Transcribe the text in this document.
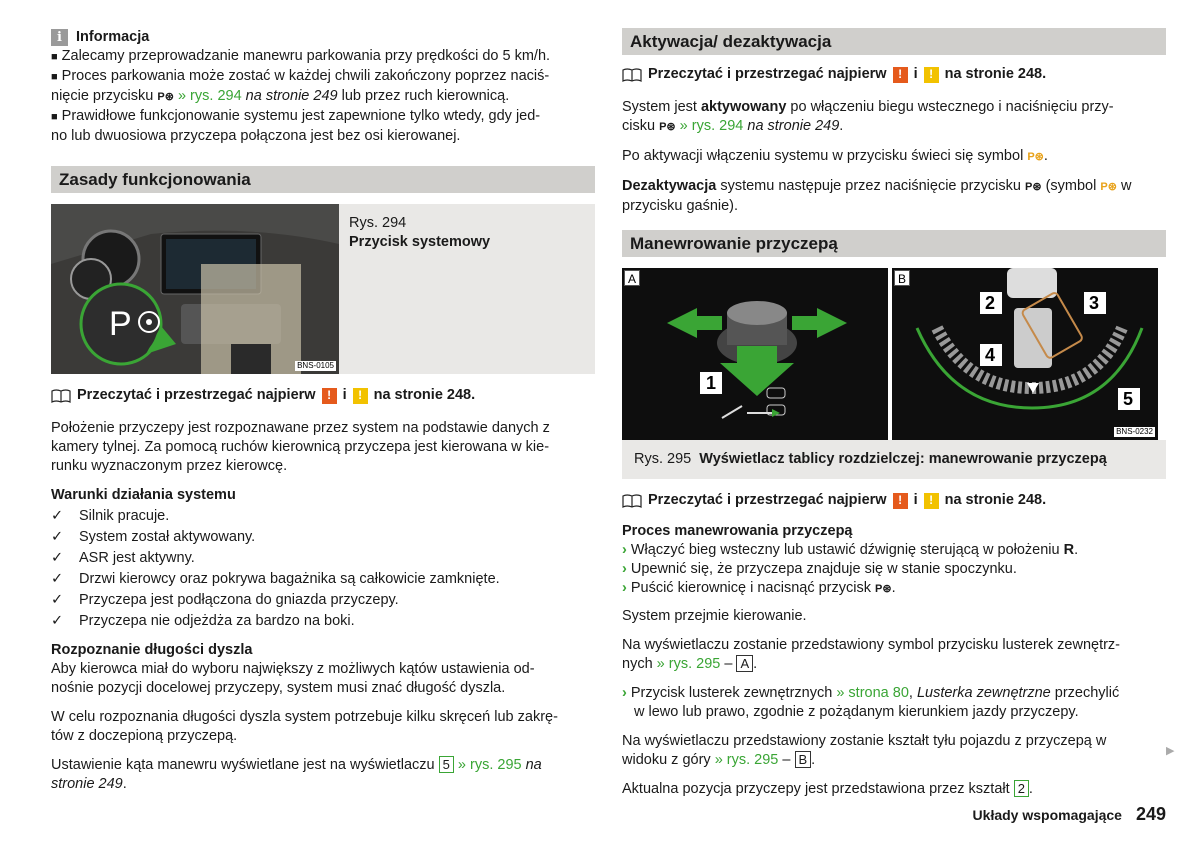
i Informacja
■ Zalecamy przeprowadzanie manewru parkowania przy prędkości do 5 km/h.
■ Proces parkowania może zostać w każdej chwili zakończony poprzez naciś-
nięcie przycisku P⊛ » rys. 294 na stronie 249 lub przez ruch kierownicą.
■ Prawidłowe funkcjonowanie systemu jest zapewnione tylko wtedy, gdy jed-
no lub dwuosiowa przyczepa połączona jest bez osi kierowanej.
Zasady funkcjonowania
P
BNS-0105
Rys. 294
Przycisk systemowy
Przeczytać i przestrzegać najpierw ! i ! na stronie 248.

Położenie przyczepy jest rozpoznawane przez system na podstawie danych z
kamery tylnej. Za pomocą ruchów kierownicą przyczepa jest kierowana w kie-
runku wyznaczonym przez kierowcę.

Warunki działania systemu
✓ Silnik pracuje.
✓ System został aktywowany.
✓ ASR jest aktywny.
✓ Drzwi kierowcy oraz pokrywa bagażnika są całkowicie zamknięte.
✓ Przyczepa jest podłączona do gniazda przyczepy.
✓ Przyczepa nie odjeżdża za bardzo na boki.
Rozpoznanie długości dyszla
Aby kierowca miał do wyboru największy z możliwych kątów ustawienia od-
nośnie pozycji docelowej przyczepy, system musi znać długość dyszla.

W celu rozpoznania długości dyszla system potrzebuje kilku skręceń lub zakrę-
tów z doczepioną przyczepą.

Ustawienie kąta manewru wyświetlane jest na wyświetlaczu 5 » rys. 295 na
stronie 249.

Aktywacja/ dezaktywacja
Przeczytać i przestrzegać najpierw ! i ! na stronie 248.

System jest aktywowany po włączeniu biegu wstecznego i naciśnięciu przy-
cisku P⊛ » rys. 294 na stronie 249.

Po aktywacji włączeniu systemu w przycisku świeci się symbol P⊛.

Dezaktywacja systemu następuje przez naciśnięcie przycisku P⊛ (symbol P⊛ w
przycisku gaśnie).

Manewrowanie przyczepą
A
1
B
2	3
4
5
BNS-0232
Rys. 295 Wyświetlacz tablicy rozdzielczej: manewrowanie przyczepą
Przeczytać i przestrzegać najpierw ! i ! na stronie 248.
Proces manewrowania przyczepą
› Włączyć bieg wsteczny lub ustawić dźwignię sterującą w położeniu R.
› Upewnić się, że przyczepa znajduje się w stanie spoczynku.
› Puścić kierownicę i nacisnąć przycisk P⊛.

System przejmie kierowanie.

Na wyświetlaczu zostanie przedstawiony symbol przycisku lusterek zewnętrz-
nych » rys. 295 – A .

› Przycisk lusterek zewnętrznych » strona 80, Lusterka zewnętrzne przechylić
w lewo lub prawo, zgodnie z pożądanym kierunkiem jazdy przyczepy.

Na wyświetlaczu przedstawiony zostanie kształt tyłu pojazdu z przyczepą w
widoku z góry » rys. 295 – B .

Aktualna pozycja przyczepy jest przedstawiona przez kształt 2 .

▶
Układy wspomagające 249
